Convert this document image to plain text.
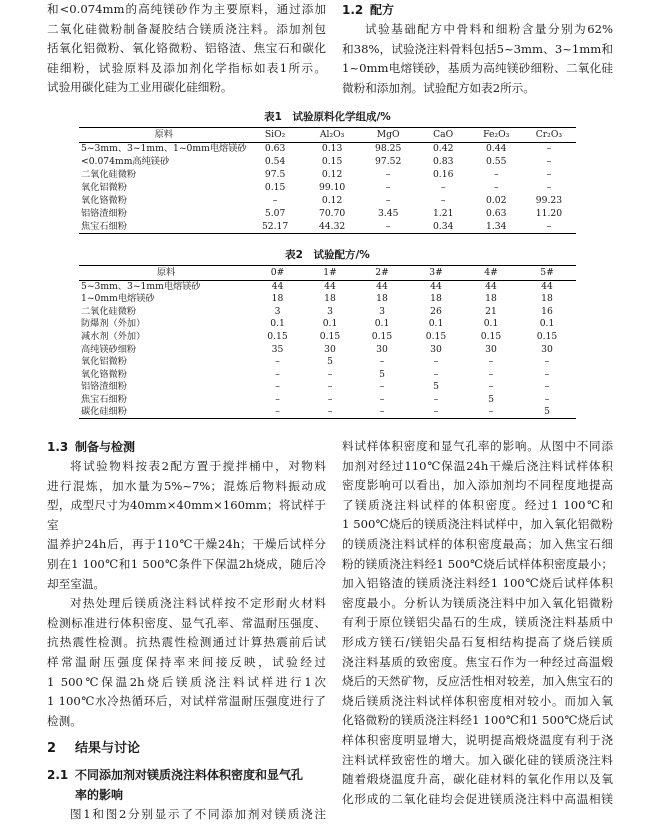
和<0.074mm的高纯镁砂作为主要原料，通过添加

二氧化硅微粉制备凝胶结合镁质浇注料。添加剂包

括氧化铝微粉、氧化铬微粉、铝铬渣、焦宝石和碳化

硅细粉，试验原料及添加剂化学指标如表1所示。

试验用碳化硅为工业用碳化硅细粉。

1.2 配方

试验基础配方中骨料和细粉含量分别为62%

和38%，试验浇注料骨料包括5~3mm、3~1mm和

1~0mm电熔镁砂，基质为高纯镁砂细粉、二氧化硅

微粉和添加剂。试验配方如表2所示。

表1　试验原料化学组成/%
原料	SiO₂	Al₂O₃	MgO	CaO	Fe₂O₃	Cr₂O₃
5~3mm、3~1mm、1~0mm电熔镁砂	0.63	0.13	98.25	0.42	0.44	–
<0.074mm高纯镁砂	0.54	0.15	97.52	0.83	0.55	–
二氧化硅微粉	97.5	0.12	–	0.16	–	–
氧化铝微粉	0.15	99.10	–	–	–	–
氧化铬微粉	–	0.12	–	–	0.02	99.23
铝铬渣细粉	5.07	70.70	3.45	1.21	0.63	11.20
焦宝石细粉	52.17	44.32	–	0.34	1.34	–
表2　试验配方/%
原料	0#	1#	2#	3#	4#	5#
5~3mm、3~1mm电熔镁砂	44	44	44	44	44	44
1~0mm电熔镁砂	18	18	18	18	18	18
二氧化硅微粉	3	3	3	26	21	16
防爆剂（外加）	0.1	0.1	0.1	0.1	0.1	0.1
减水剂（外加）	0.15	0.15	0.15	0.15	0.15	0.15
高纯镁砂细粉	35	30	30	30	30	30
氧化铝微粉	–	5	–	–	–	–
氧化铬微粉	–	–	5	–	–	–
铝铬渣细粉	–	–	–	5	–	–
焦宝石细粉	–	–	–	–	5	–
碳化硅细粉	–	–	–	–	–	5
1.3 制备与检测

将试验物料按表2配方置于搅拌桶中，对物料

进行混炼，加水量为5%~7%；混炼后物料振动成

型，成型尺寸为40mm×40mm×160mm；将试样于室

温养护24h后，再于110℃干燥24h；干燥后试样分

别在1 100℃和1 500℃条件下保温2h烧成，随后冷

却至室温。

对热处理后镁质浇注料试样按不定形耐火材料

检测标准进行体积密度、显气孔率、常温耐压强度、

抗热震性检测。抗热震性检测通过计算热震前后试

样常温耐压强度保持率来间接反映，试验经过

1 500℃保温2h烧后镁质浇注料试样进行1次

1 100℃水冷热循环后，对试样常温耐压强度进行了

检测。

2 结果与讨论
2.1 不同添加剂对镁质浇注料体积密度和显气孔
率的影响

图1和图2分别显示了不同添加剂对镁质浇注

料试样体积密度和显气孔率的影响。从图中不同添

加剂对经过110℃保温24h干燥后浇注料试样体积

密度影响可以看出，加入添加剂均不同程度地提高

了镁质浇注料试样的体积密度。经过1 100℃和

1 500℃烧后的镁质浇注料试样中，加入氧化铝微粉

的镁质浇注料试样的体积密度最高；加入焦宝石细

粉的镁质浇注料经1 500℃烧后试样体积密度最小；

加入铝铬渣的镁质浇注料经1 100℃烧后试样体积

密度最小。分析认为镁质浇注料中加入氧化铝微粉

有利于原位镁铝尖晶石的生成，镁质浇注料基质中

形成方镁石/镁铝尖晶石复相结构提高了烧后镁质

浇注料基质的致密度。焦宝石作为一种经过高温煅

烧后的天然矿物，反应活性相对较差，加入焦宝石的

烧后镁质浇注料试样体积密度相对较小。而加入氧

化铬微粉的镁质浇注料经1 100℃和1 500℃烧后试

样体积密度明显增大，说明提高煅烧温度有利于浇

注料试样致密性的增大。加入碳化硅的镁质浇注料

随着煅烧温度升高，碳化硅材料的氧化作用以及氧

化形成的二氧化硅均会促进镁质浇注料中高温相镁
